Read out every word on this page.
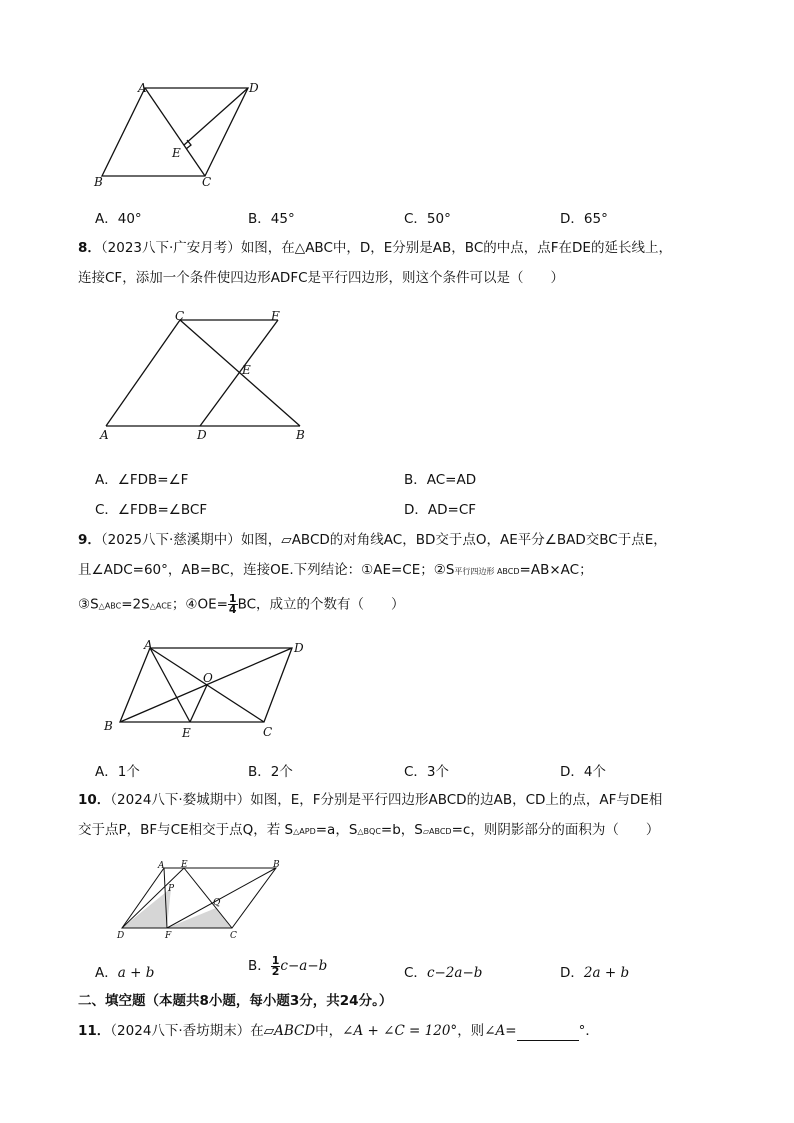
A	D
E
B	C
A．40°	B．45°	C．50°	D．65°
8．（2023八下·广安月考）如图，在△ABC中，D，E分别是AB，BC的中点，点F在DE的延长线上，
连接CF，添加一个条件使四边形ADFC是平行四边形，则这个条件可以是（　　）
C	F
E
A	D	B
A．∠FDB=∠F	B．AC=AD
C．∠FDB=∠BCF	D．AD=CF
9．（2025八下·慈溪期中）如图，▱ABCD的对角线AC，BD交于点O，AE平分∠BAD交BC于点E，
且∠ADC=60°，AB=BC，连接OE.下列结论：①AE=CE；②S平行四边形 ABCD=AB×AC；
③S△ABC=2S△ACE；④OE= $\frac{1}{4}$ BC，成立的个数有（　　）
A	D
O
B	E	C
A．1个	B．2个	C．3个	D．4个
10．（2024八下·婺城期中）如图，E，F分别是平行四边形ABCD的边AB，CD上的点，AF与DE相
交于点P，BF与CE相交于点Q，若 S△APD=a，S△BQC=b，S▱ABCD=c，则阴影部分的面积为（　　）
A E	B
P
Q
D	F	C
A．a + b	B． $\frac{1}{2} c-a-b$	C．c−2a−b	D．2a + b
二、填空题（本题共8小题，每小题3分，共24分。）
11．（2024八下·香坊期末）在▱ABCD中，∠A + ∠C = 120°，则∠A=	°．
